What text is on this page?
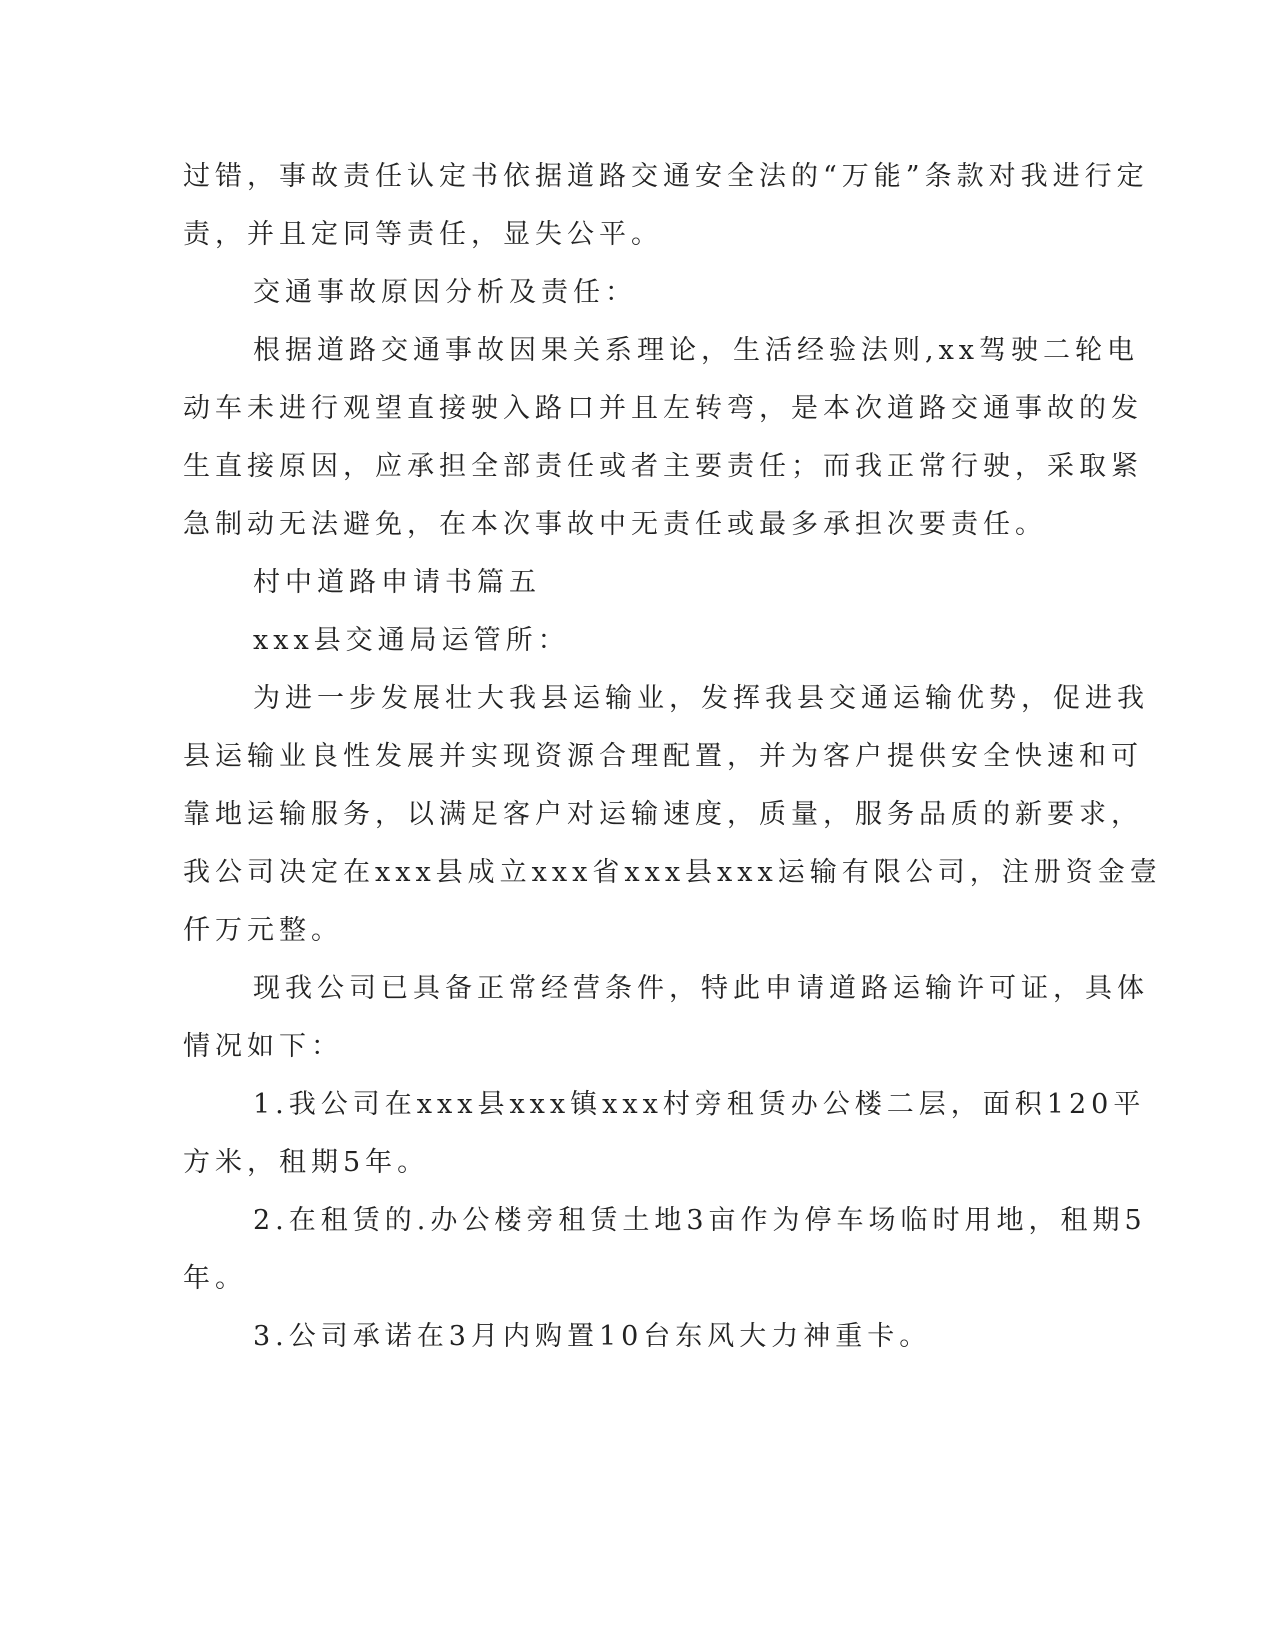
过错，事故责任认定书依据道路交通安全法的“万能”条款对我进行定
责，并且定同等责任，显失公平。
交通事故原因分析及责任：
根据道路交通事故因果关系理论，生活经验法则,xx驾驶二轮电
动车未进行观望直接驶入路口并且左转弯，是本次道路交通事故的发
生直接原因，应承担全部责任或者主要责任；而我正常行驶，采取紧
急制动无法避免，在本次事故中无责任或最多承担次要责任。
村中道路申请书篇五
xxx县交通局运管所：
为进一步发展壮大我县运输业，发挥我县交通运输优势，促进我
县运输业良性发展并实现资源合理配置，并为客户提供安全快速和可
靠地运输服务，以满足客户对运输速度，质量，服务品质的新要求，
我公司决定在xxx县成立xxx省xxx县xxx运输有限公司，注册资金壹
仟万元整。
现我公司已具备正常经营条件，特此申请道路运输许可证，具体
情况如下：
1.我公司在xxx县xxx镇xxx村旁租赁办公楼二层，面积120平
方米，租期5年。
2.在租赁的.办公楼旁租赁土地3亩作为停车场临时用地，租期5
年。
3.公司承诺在3月内购置10台东风大力神重卡。
